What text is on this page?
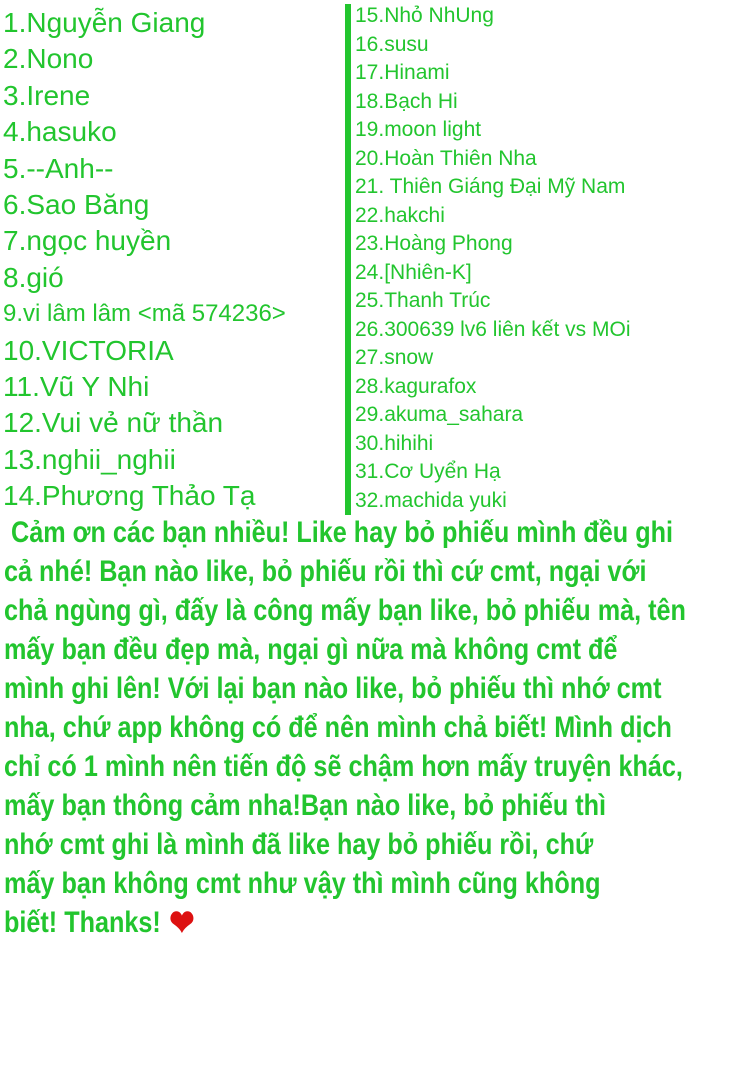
1.Nguyễn Giang
2.Nono
3.Irene
4.hasuko
5.--Anh--
6.Sao Băng
7.ngọc huyền
8.gió
9.vi lâm lâm <mã 574236>
10.VICTORIA
11.Vũ Y Nhi
12.Vui vẻ nữ thần
13.nghii_nghii
14.Phương Thảo Tạ
15.Nhỏ NhUng
16.susu
17.Hinami
18.Bạch Hi
19.moon light
20.Hoàn Thiên Nha
21. Thiên Giáng Đại Mỹ Nam
22.hakchi
23.Hoàng Phong
24.[Nhiên-K]
25.Thanh Trúc
26.300639 lv6 liên kết vs MOi
27.snow
28.kagurafox
29.akuma_sahara
30.hihihi
31.Cơ Uyển Hạ
32.machida yuki
Cảm ơn các bạn nhiều! Like hay bỏ phiếu mình đều ghi
cả nhé! Bạn nào like, bỏ phiếu rồi thì cứ cmt, ngại với
chả ngùng gì, đấy là công mấy bạn like, bỏ phiếu mà, tên
mấy bạn đều đẹp mà, ngại gì nữa mà không cmt để
mình ghi lên! Với lại bạn nào like, bỏ phiếu thì nhớ cmt
nha, chứ app không có để nên mình chả biết! Mình dịch
chỉ có 1 mình nên tiến độ sẽ chậm hơn mấy truyện khác,
mấy bạn thông cảm nha!Bạn nào like, bỏ phiếu thì
nhớ cmt ghi là mình đã like hay bỏ phiếu rồi, chứ
mấy bạn không cmt như vậy thì mình cũng không
biết! Thanks! ❤
